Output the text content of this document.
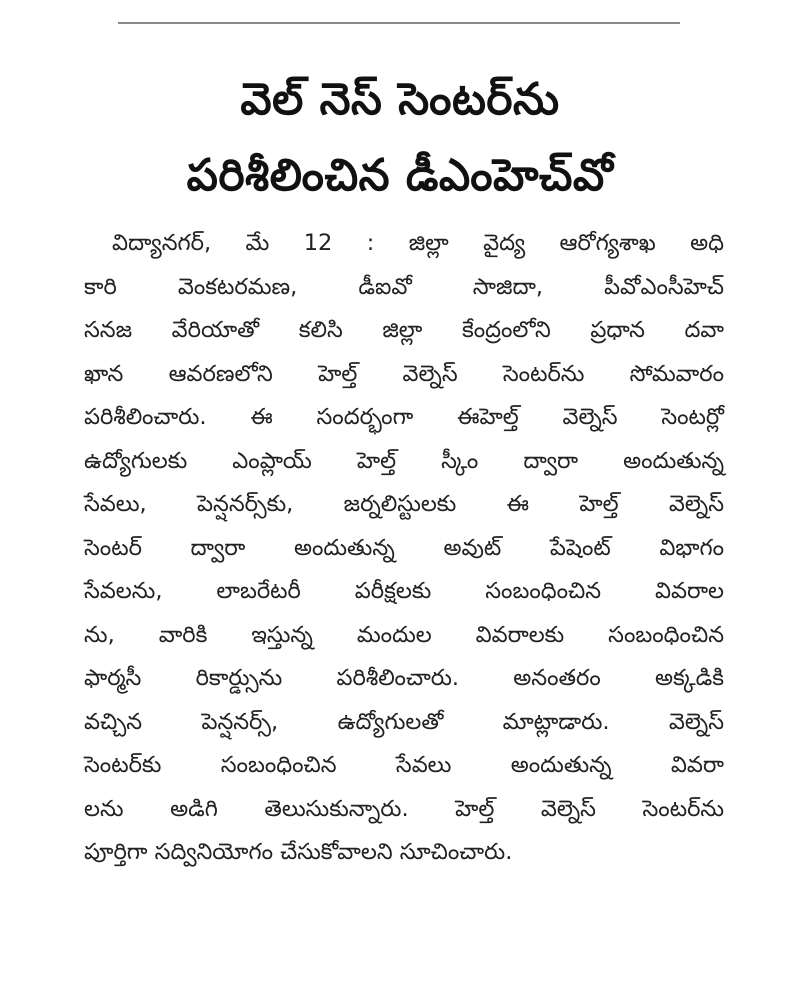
వెల్ నెస్ సెంటర్‌ను
పరిశీలించిన డీఎంహెచ్‌వో
విద్యానగర్, మే 12 : జిల్లా వైద్య ఆరోగ్యశాఖ అధి
కారి వెంకటరమణ, డీఐవో సాజిదా, పీవోఎంసీహెచ్
సనజ వేరియాతో కలిసి జిల్లా కేంద్రంలోని ప్రధాన దవా
ఖాన ఆవరణలోని హెల్త్ వెల్నెస్ సెంటర్‌ను సోమవారం
పరిశీలించారు. ఈ సందర్భంగా ఈహెల్త్ వెల్నెస్ సెంటర్లో
ఉద్యోగులకు ఎంప్లాయ్ హెల్త్ స్కీం ద్వారా అందుతున్న
సేవలు, పెన్షనర్స్‌కు, జర్నలిస్టులకు ఈ హెల్త్ వెల్నెస్
సెంటర్ ద్వారా అందుతున్న అవుట్ పేషెంట్ విభాగం
సేవలను, లాబరేటరీ పరీక్షలకు సంబంధించిన వివరాల
ను, వారికి ఇస్తున్న మందుల వివరాలకు సంబంధించిన
ఫార్మసీ రికార్డ్సును పరిశీలించారు. అనంతరం అక్కడికి
వచ్చిన పెన్షనర్స్, ఉద్యోగులతో మాట్లాడారు. వెల్నెస్
సెంటర్‌కు సంబంధించిన సేవలు అందుతున్న వివరా
లను అడిగి తెలుసుకున్నారు. హెల్త్ వెల్నెస్ సెంటర్‌ను
పూర్తిగా సద్వినియోగం చేసుకోవాలని సూచించారు.
